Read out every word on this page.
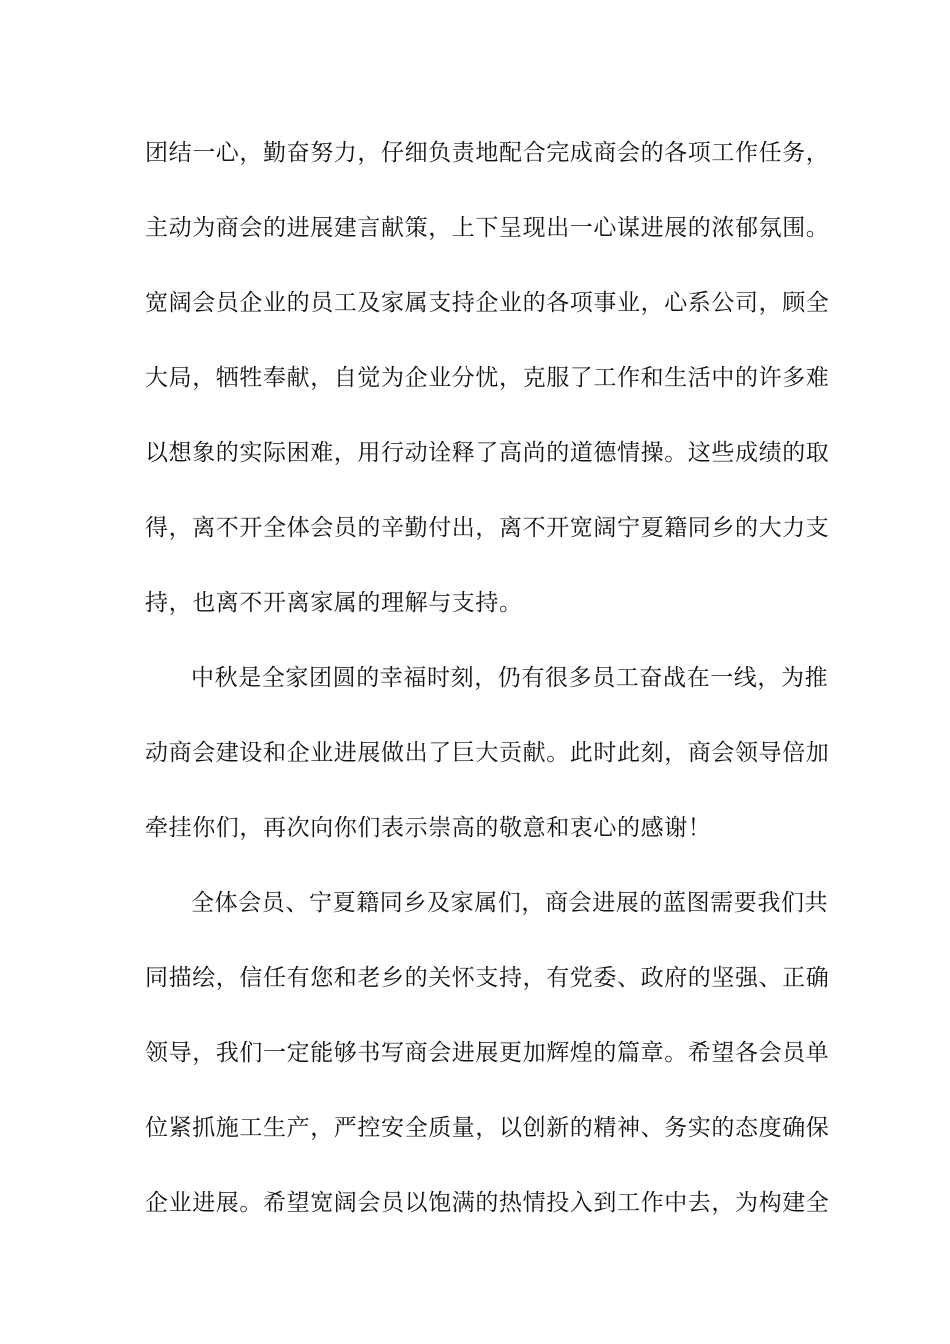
团结一心，勤奋努力，仔细负责地配合完成商会的各项工作任务，
主动为商会的进展建言献策，上下呈现出一心谋进展的浓郁氛围。
宽阔会员企业的员工及家属支持企业的各项事业，心系公司，顾全
大局，牺牲奉献，自觉为企业分忧，克服了工作和生活中的许多难
以想象的实际困难，用行动诠释了高尚的道德情操。这些成绩的取
得，离不开全体会员的辛勤付出，离不开宽阔宁夏籍同乡的大力支
持，也离不开离家属的理解与支持。
中秋是全家团圆的幸福时刻，仍有很多员工奋战在一线，为推
动商会建设和企业进展做出了巨大贡献。此时此刻，商会领导倍加
牵挂你们，再次向你们表示崇高的敬意和衷心的感谢！
全体会员、宁夏籍同乡及家属们，商会进展的蓝图需要我们共
同描绘，信任有您和老乡的关怀支持，有党委、政府的坚强、正确
领导，我们一定能够书写商会进展更加辉煌的篇章。希望各会员单
位紧抓施工生产，严控安全质量，以创新的精神、务实的态度确保
企业进展。希望宽阔会员以饱满的热情投入到工作中去，为构建全
